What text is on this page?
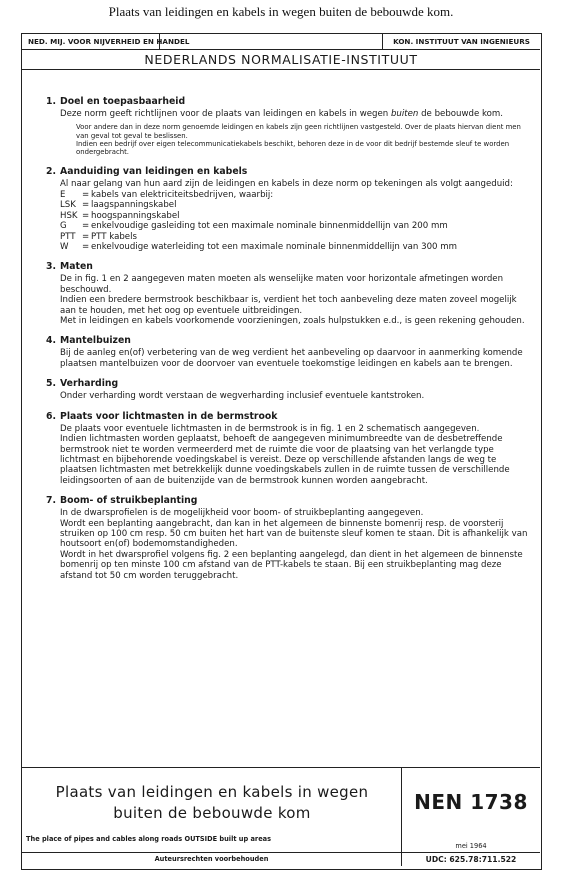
Plaats van leidingen en kabels in wegen buiten de bebouwde kom.
NED. MIJ. VOOR NIJVERHEID EN HANDEL	KON. INSTITUUT VAN INGENIEURS
NEDERLANDS NORMALISATIE-INSTITUUT
1. Doel en toepasbaarheid
Deze norm geeft richtlijnen voor de plaats van leidingen en kabels in wegen buiten de bebouwde kom.
Voor andere dan in deze norm genoemde leidingen en kabels zijn geen richtlijnen vastgesteld. Over de plaats hiervan dient men van geval tot geval te beslissen.
Indien een bedrijf over eigen telecommunicatiekabels beschikt, behoren deze in de voor dit bedrijf bestemde sleuf te worden ondergebracht.
2. Aanduiding van leidingen en kabels
Al naar gelang van hun aard zijn de leidingen en kabels in deze norm op tekeningen als volgt aangeduid:
E	= kabels van elektriciteitsbedrijven, waarbij:
LSK = laagspanningskabel
HSK = hoogspanningskabel
G	= enkelvoudige gasleiding tot een maximale nominale binnenmiddellijn van 200 mm
PTT = PTT kabels
W	= enkelvoudige waterleiding tot een maximale nominale binnenmiddellijn van 300 mm
3. Maten
De in fig. 1 en 2 aangegeven maten moeten als wenselijke maten voor horizontale afmetingen worden beschouwd.
Indien een bredere bermstrook beschikbaar is, verdient het toch aanbeveling deze maten zoveel mogelijk aan te houden, met het oog op eventuele uitbreidingen.
Met in leidingen en kabels voorkomende voorzieningen, zoals hulpstukken e.d., is geen rekening gehouden.
4. Mantelbuizen
Bij de aanleg en(of) verbetering van de weg verdient het aanbeveling op daarvoor in aanmerking komende plaatsen mantelbuizen voor de doorvoer van eventuele toekomstige leidingen en kabels aan te brengen.
5. Verharding
Onder verharding wordt verstaan de wegverharding inclusief eventuele kantstroken.
6. Plaats voor lichtmasten in de bermstrook
De plaats voor eventuele lichtmasten in de bermstrook is in fig. 1 en 2 schematisch aangegeven.
Indien lichtmasten worden geplaatst, behoeft de aangegeven minimumbreedte van de desbetreffende bermstrook niet te worden vermeerderd met de ruimte die voor de plaatsing van het verlangde type lichtmast en bijbehorende voedingskabel is vereist. Deze op verschillende afstanden langs de weg te plaatsen lichtmasten met betrekkelijk dunne voedingskabels zullen in de ruimte tussen de verschillende leidingsoorten of aan de buitenzijde van de bermstrook kunnen worden aangebracht.
7. Boom- of struikbeplanting
In de dwarsprofielen is de mogelijkheid voor boom- of struikbeplanting aangegeven.
Wordt een beplanting aangebracht, dan kan in het algemeen de binnenste bomenrij resp. de voorsterij struiken op 100 cm resp. 50 cm buiten het hart van de buitenste sleuf komen te staan. Dit is afhankelijk van houtsoort en(of) bodemomstandigheden.
Wordt in het dwarsprofiel volgens fig. 2 een beplanting aangelegd, dan dient in het algemeen de binnenste bomenrij op ten minste 100 cm afstand van de PTT-kabels te staan. Bij een struikbeplanting mag deze afstand tot 50 cm worden teruggebracht.
Plaats van leidingen en kabels in wegen
buiten de bebouwde kom
The place of pipes and cables along roads OUTSIDE built up areas
NEN 1738
mei 1964
Auteursrechten voorbehouden	UDC: 625.78:711.522
